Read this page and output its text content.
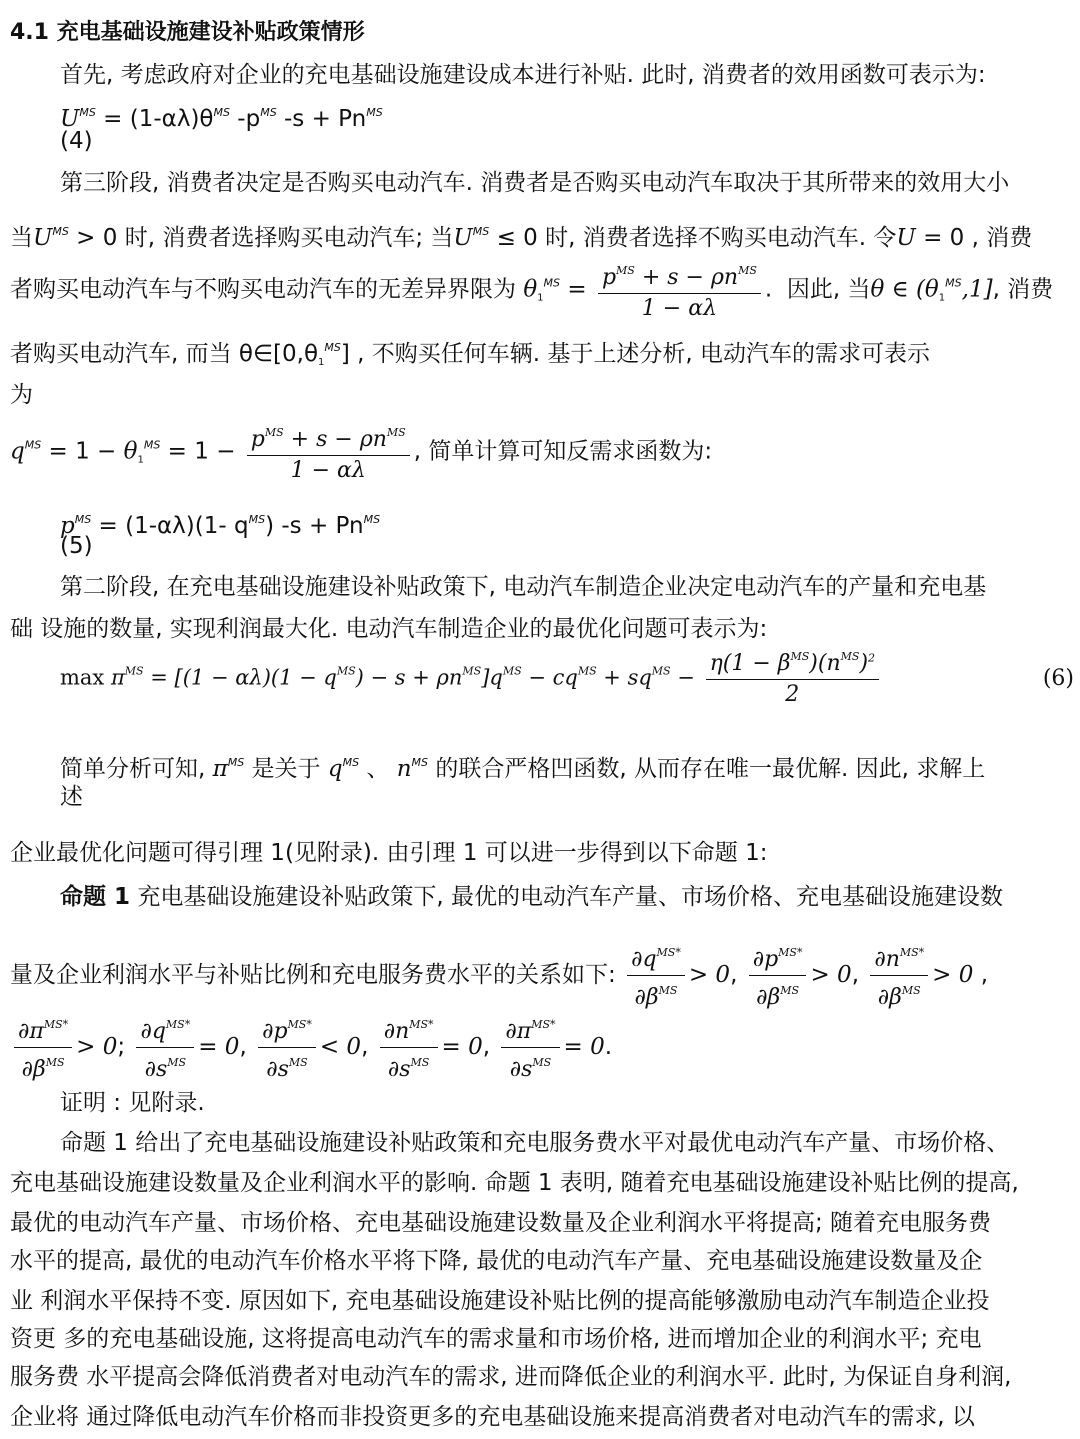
4.1 充电基础设施建设补贴政策情形
首先, 考虑政府对企业的充电基础设施建设成本进行补贴. 此时, 消费者的效用函数可表示为:
$U^{MS} = (1-\alpha\lambda)\theta^{MS}$ $-p^{MS}$ $-s + Pn^{MS}$
(4)
第三阶段, 消费者决定是否购买电动汽车. 消费者是否购买电动汽车取决于其所带来的效用大小
当$U^{MS} > 0$ 时, 消费者选择购买电动汽车; 当$U^{MS} \le 0$ 时, 消费者选择不购买电动汽车. 令U = 0 , 消费
者购买电动汽车与不购买电动汽车的无差异界限为 $\theta_1^{MS} = \frac{p^{MS} + s - \rho n^{MS}}{1 - \alpha\lambda}$ .  因此, 当θ ∈ $(\theta_1^{MS},1]$, 消费
者购买电动汽车, 而当 $\theta\in[0,\theta_1^{MS}]$ , 不购买任何车辆. 基于上述分析, 电动汽车的需求可表示
为
$q^{MS} = 1 - \theta_1^{MS} = 1 - \frac{p^{MS} + s - \rho n^{MS}}{1 - \alpha\lambda}$ , 简单计算可知反需求函数为:
$p^{MS} = (1-\alpha\lambda)(1-$ $q^{MS}$) $-s + Pn^{MS}$
(5)
第二阶段, 在充电基础设施建设补贴政策下, 电动汽车制造企业决定电动汽车的产量和充电基
础 设施的数量, 实现利润最大化. 电动汽车制造企业的最优化问题可表示为:
$\max \pi^{MS} = [(1 - \alpha\lambda)(1 - q^{MS}) - s + \rho n^{MS}]q^{MS} - cq^{MS} + sq^{MS} - \frac{\eta(1 - \beta^{MS})(n^{MS})^2}{2}$	(6)
简单分析可知, $\pi^{MS}$ 是关于 $q^{MS}$ 、 $n^{MS}$ 的联合严格凹函数, 从而存在唯一最优解. 因此, 求解上
述
企业最优化问题可得引理 1(见附录). 由引理 1 可以进一步得到以下命题 1:
命题 1 充电基础设施建设补贴政策下, 最优的电动汽车产量、市场价格、充电基础设施建设数
量及企业利润水平与补贴比例和充电服务费水平的关系如下: $\frac{\partial q^{MS*}}{\partial\beta^{MS}} > 0$, $\frac{\partial p^{MS*}}{\partial\beta^{MS}} > 0$, $\frac{\partial n^{MS*}}{\partial\beta^{MS}} > 0$ ,
$\frac{\partial\pi^{MS*}}{\partial\beta^{MS}} > 0$; $\frac{\partial q^{MS*}}{\partial s^{MS}} = 0$, $\frac{\partial p^{MS*}}{\partial s^{MS}} < 0$, $\frac{\partial n^{MS*}}{\partial s^{MS}} = 0$, $\frac{\partial\pi^{MS*}}{\partial s^{MS}} = 0$.
证明 : 见附录.
命题 1 给出了充电基础设施建设补贴政策和充电服务费水平对最优电动汽车产量、市场价格、
充电基础设施建设数量及企业利润水平的影响. 命题 1 表明, 随着充电基础设施建设补贴比例的提高,
最优的电动汽车产量、市场价格、充电基础设施建设数量及企业利润水平将提高; 随着充电服务费
水平的提高, 最优的电动汽车价格水平将下降, 最优的电动汽车产量、充电基础设施建设数量及企
业 利润水平保持不变. 原因如下, 充电基础设施建设补贴比例的提高能够激励电动汽车制造企业投
资更 多的充电基础设施, 这将提高电动汽车的需求量和市场价格, 进而增加企业的利润水平; 充电
服务费 水平提高会降低消费者对电动汽车的需求, 进而降低企业的利润水平. 此时, 为保证自身利润,
企业将 通过降低电动汽车价格而非投资更多的充电基础设施来提高消费者对电动汽车的需求, 以
